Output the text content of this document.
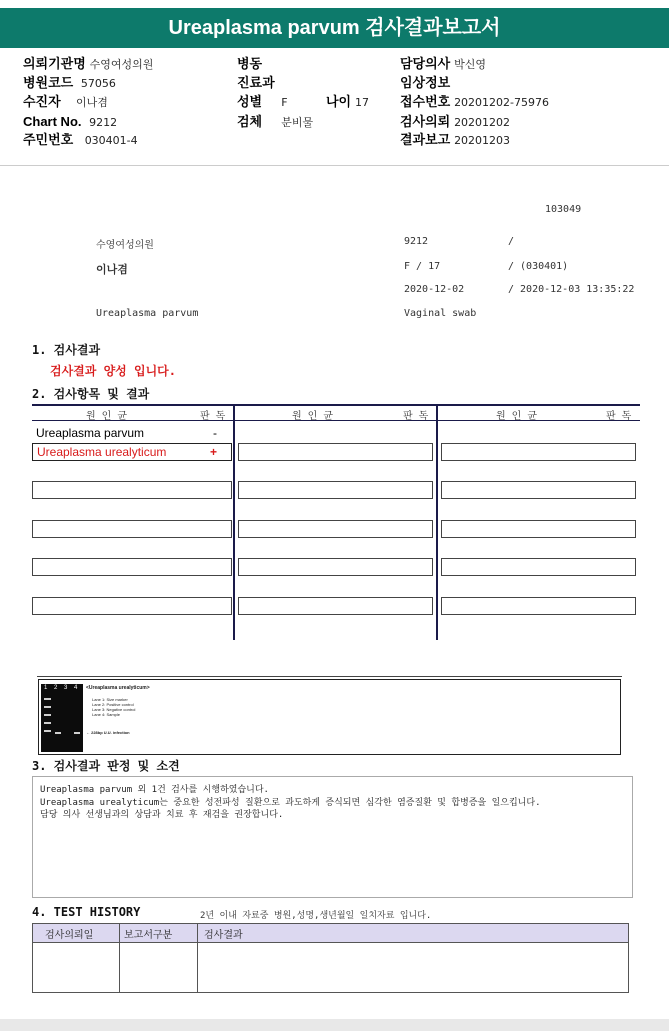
Ureaplasma parvum 검사결과보고서
의뢰기관명 수영여성의원
병원코드 57056
수진자 이나겸
Chart No. 9212
주민번호 030401-4
병동
진료과
성별 F	나이 17
검체 분비물
담당의사 박신영
임상정보
접수번호 20201202-75976
검사의뢰 20201202
결과보고 20201203
103049
수영여성의원	9212	/
이나겸	F / 17	/ (030401)
2020-12-02	/ 2020-12-03 13:35:22
Ureaplasma parvum	Vaginal swab
1. 검사결과
검사결과 양성 입니다.
2. 검사항목 및 결과
원 인 균	판 독	원 인 균	판 독	원 인 균	판 독
Ureaplasma parvum	-
Ureaplasma urealyticum	+
1 2 3 4 <Ureaplasma urealyticum>
Lane 1: Size marker
Lane 2: Positive control
Lane 3: Negative control
Lane 4: Sample
← 228bp U.U. infection
3. 검사결과 판정 및 소견
Ureaplasma parvum 외 1건 검사를 시행하였습니다.
Ureaplasma urealyticum는 중요한 성전파성 질환으로 과도하게 증식되면 심각한 염증질환 및 합병증을 일으킵니다.
담당 의사 선생님과의 상담과 치료 후 재검을 권장합니다.
4. TEST HISTORY	2년 이내 자료중 병원,성명,생년월일 일치자료 입니다.
검사의뢰일	보고서구분	검사결과
